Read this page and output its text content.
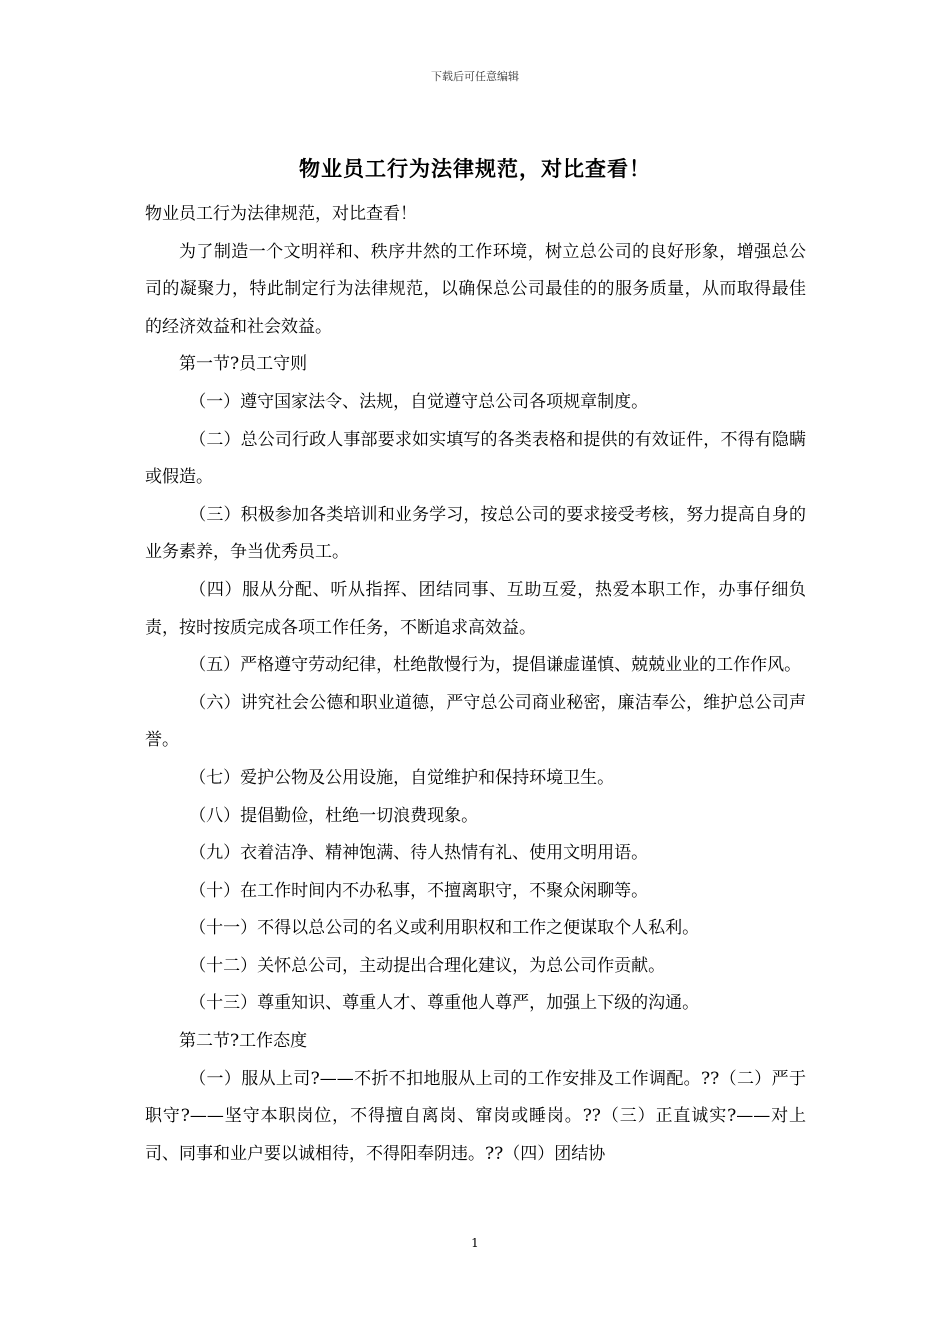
下载后可任意编辑
物业员工行为法律规范，对比查看！

物业员工行为法律规范，对比查看！

为了制造一个文明祥和、秩序井然的工作环境，树立总公司的良好形象，增强总公司的凝聚力，特此制定行为法律规范，以确保总公司最佳的的服务质量，从而取得最佳的经济效益和社会效益。

第一节?员工守则

（一）遵守国家法令、法规，自觉遵守总公司各项规章制度。

（二）总公司行政人事部要求如实填写的各类表格和提供的有效证件，不得有隐瞒或假造。

（三）积极参加各类培训和业务学习，按总公司的要求接受考核，努力提高自身的业务素养，争当优秀员工。

（四）服从分配、听从指挥、团结同事、互助互爱，热爱本职工作，办事仔细负责，按时按质完成各项工作任务，不断追求高效益。

（五）严格遵守劳动纪律，杜绝散慢行为，提倡谦虚谨慎、兢兢业业的工作作风。

（六）讲究社会公德和职业道德，严守总公司商业秘密，廉洁奉公，维护总公司声誉。

（七）爱护公物及公用设施，自觉维护和保持环境卫生。

（八）提倡勤俭，杜绝一切浪费现象。

（九）衣着洁净、精神饱满、待人热情有礼、使用文明用语。

（十）在工作时间内不办私事，不擅离职守，不聚众闲聊等。

（十一）不得以总公司的名义或利用职权和工作之便谋取个人私利。

（十二）关怀总公司，主动提出合理化建议，为总公司作贡献。

（十三）尊重知识、尊重人才、尊重他人尊严，加强上下级的沟通。

第二节?工作态度

（一）服从上司?——不折不扣地服从上司的工作安排及工作调配。??（二）严于职守?——坚守本职岗位，不得擅自离岗、窜岗或睡岗。??（三）正直诚实?——对上司、同事和业户要以诚相待，不得阳奉阴违。??（四）团结协

1
